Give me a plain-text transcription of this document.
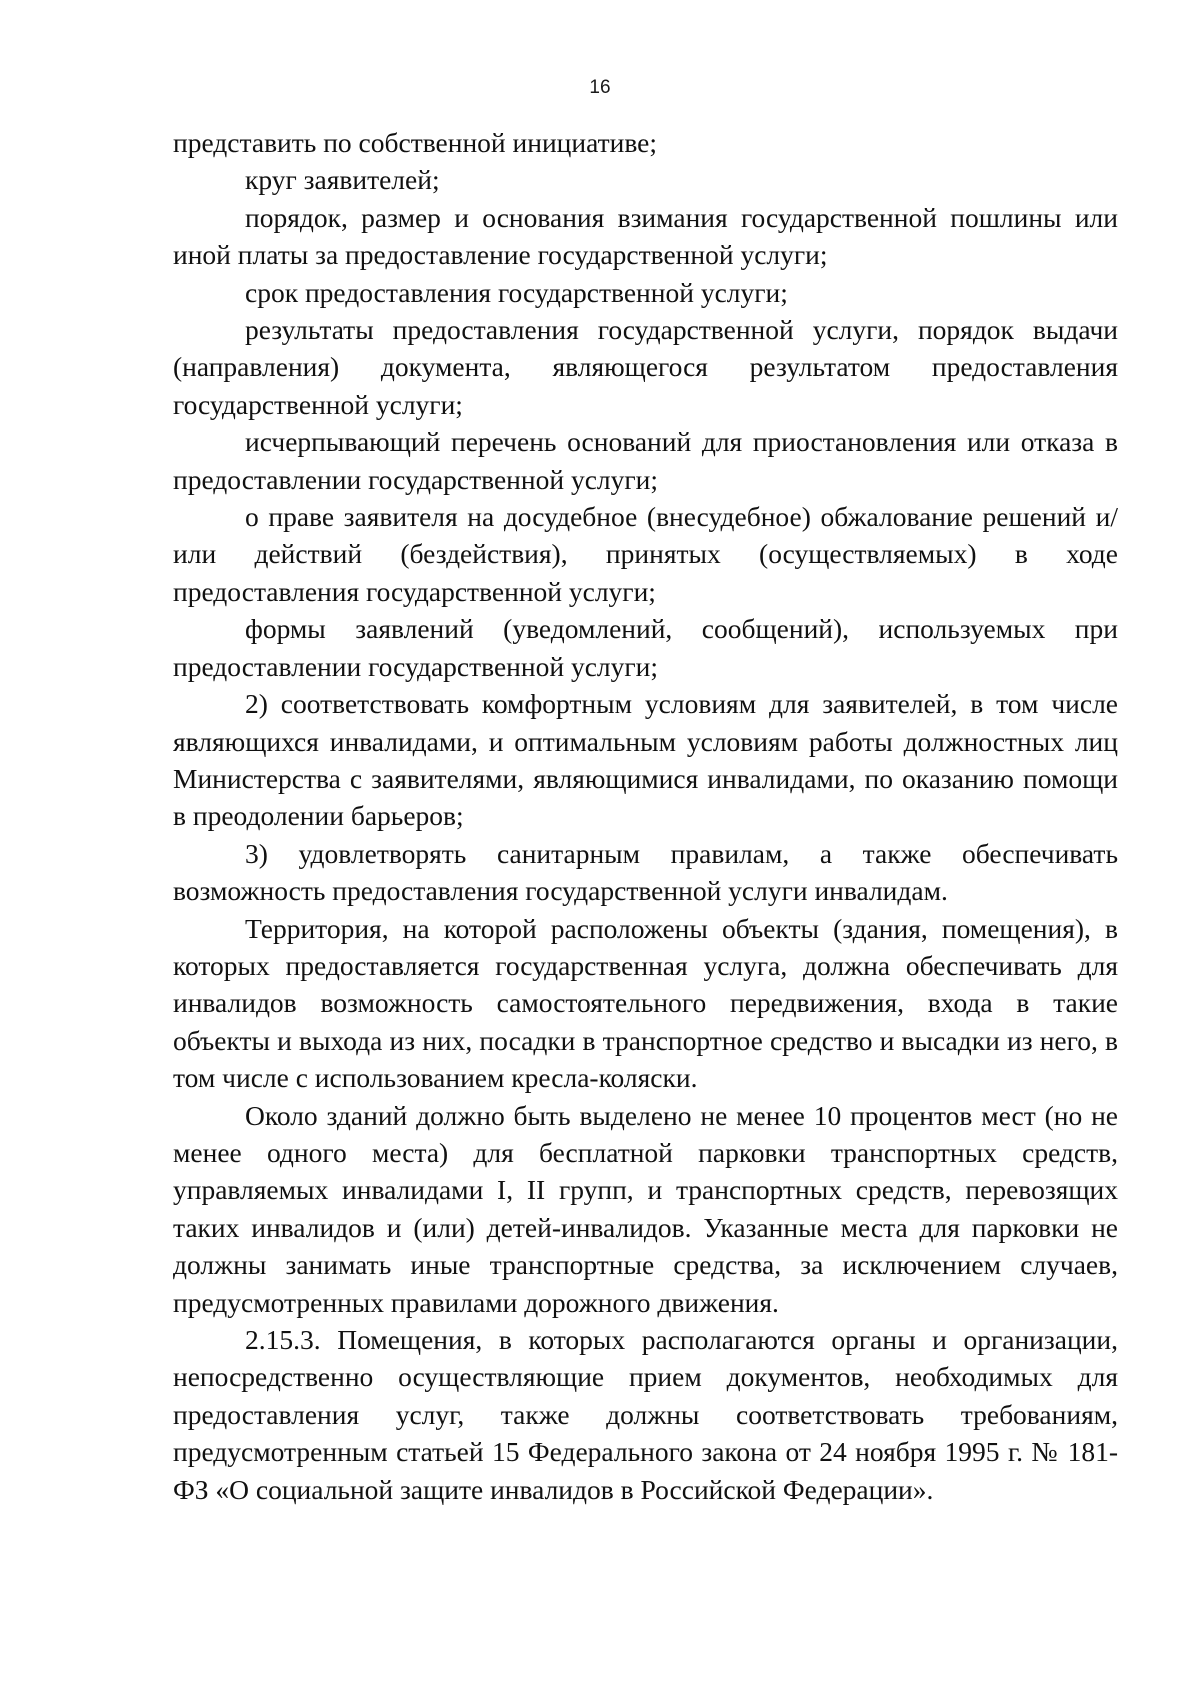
16

представить по собственной инициативе;

круг заявителей;

порядок, размер и основания взимания государственной пошлины или иной платы за предоставление государственной услуги;

срок предоставления государственной услуги;

результаты предоставления государственной услуги, порядок выдачи (направления) документа, являющегося результатом предоставления государственной услуги;

исчерпывающий перечень оснований для приостановления или отказа в предоставлении государственной услуги;

о праве заявителя на досудебное (внесудебное) обжалование решений и/или действий (бездействия), принятых (осуществляемых) в ходе предоставления государственной услуги;

формы заявлений (уведомлений, сообщений), используемых при предоставлении государственной услуги;

2) соответствовать комфортным условиям для заявителей, в том числе являющихся инвалидами, и оптимальным условиям работы должностных лиц Министерства с заявителями, являющимися инвалидами, по оказанию помощи в преодолении барьеров;

3) удовлетворять санитарным правилам, а также обеспечивать возможность предоставления государственной услуги инвалидам.

Территория, на которой расположены объекты (здания, помещения), в которых предоставляется государственная услуга, должна обеспечивать для инвалидов возможность самостоятельного передвижения, входа в такие объекты и выхода из них, посадки в транспортное средство и высадки из него, в том числе с использованием кресла-коляски.

Около зданий должно быть выделено не менее 10 процентов мест (но не менее одного места) для бесплатной парковки транспортных средств, управляемых инвалидами I, II групп, и транспортных средств, перевозящих таких инвалидов и (или) детей-инвалидов. Указанные места для парковки не должны занимать иные транспортные средства, за исключением случаев, предусмотренных правилами дорожного движения.

2.15.3. Помещения, в которых располагаются органы и организации, непосредственно осуществляющие прием документов, необходимых для предоставления услуг, также должны соответствовать требованиям, предусмотренным статьей 15 Федерального закона от 24 ноября 1995 г. № 181-ФЗ «О социальной защите инвалидов в Российской Федерации».
